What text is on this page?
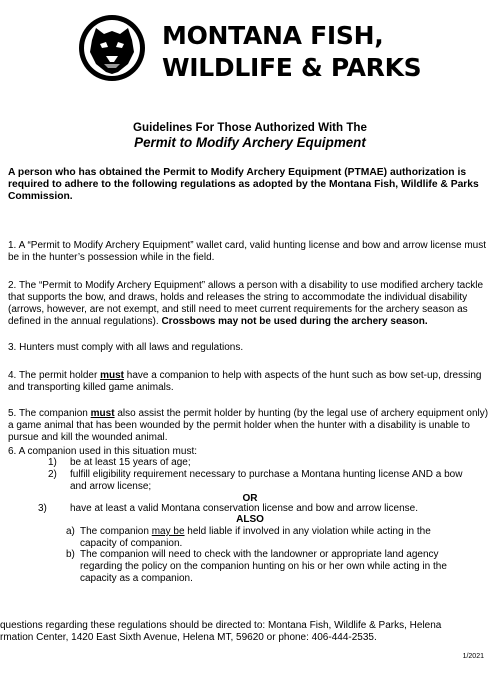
MONTANA FISH,
WILDLIFE & PARKS
Guidelines For Those Authorized With The
Permit to Modify Archery Equipment
A person who has obtained the Permit to Modify Archery Equipment (PTMAE) authorization is required to adhere to the following regulations as adopted by the Montana Fish, Wildlife & Parks Commission.
1. A “Permit to Modify Archery Equipment” wallet card, valid hunting license and bow and arrow license must be in the hunter’s possession while in the field.
2. The “Permit to Modify Archery Equipment” allows a person with a disability to use modified archery tackle that supports the bow, and draws, holds and releases the string to accommodate the individual disability (arrows, however, are not exempt, and still need to meet current requirements for the archery season as defined in the annual regulations). Crossbows may not be used during the archery season.
3. Hunters must comply with all laws and regulations.
4. The permit holder must have a companion to help with aspects of the hunt such as bow set-up, dressing and transporting killed game animals.
5. The companion must also assist the permit holder by hunting (by the legal use of archery equipment only) a game animal that has been wounded by the permit holder when the hunter with a disability is unable to pursue and kill the wounded animal.
6. A companion used in this situation must:
1) be at least 15 years of age;
2) fulfill eligibility requirement necessary to purchase a Montana hunting license AND a bow and arrow license;
OR
3) have at least a valid Montana conservation license and bow and arrow license.
ALSO
a) The companion may be held liable if involved in any violation while acting in the capacity of companion.
b) The companion will need to check with the landowner or appropriate land agency regarding the policy on the companion hunting on his or her own while acting in the capacity as a companion.
questions regarding these regulations should be directed to: Montana Fish, Wildlife & Parks, Helena
rmation Center, 1420 East Sixth Avenue, Helena MT, 59620 or phone: 406-444-2535.
1/2021
